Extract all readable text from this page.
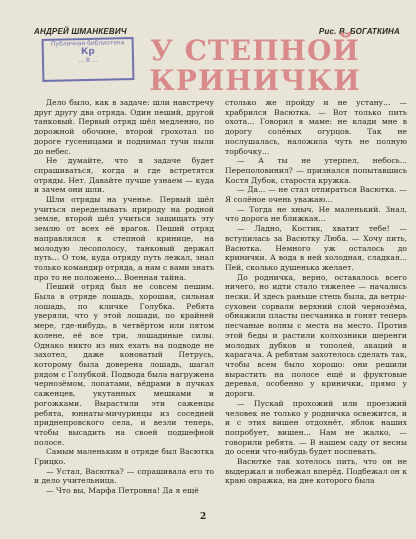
АНДРЕЙ ШМАНКЕВИЧ	Рис. В. БОГАТКИНА
Публичная библиотека
Кр
... В ...	У СТЕПНОЙ
КРИНИЧКИ

Дело было, как в задаче: шли навстречу друг другу два отряда. Один пеший, другой танковый. Первый отряд шёл медленно, по дорожной обочине, второй грохотал по дороге гусеницами и поднимал тучи пыли до небес.

Не думайте, что в задаче будет спрашиваться, когда и где встретятся отряды. Нет. Давайте лучше узнаем — куда и зачем они шли.

Шли отряды на ученье. Первый шёл учиться переделывать природу на родной земле, второй шёл учиться защищать эту землю от всех её врагов. Пеший отряд направлялся к степной кринице, на молодую лесополосу, танковый держал путь... О том, куда отряду путь лежал, знал только командир отряда, а нам с вами знать про то не положено... Военная тайна.

Пеший отряд был не совсем пешим. Была в отряде лошадь, хорошая, сильная лошадь, по кличке Голубка. Ребята уверяли, что у этой лошади, по крайней мере, где-нибудь, в четвёртом или пятом колене, её все три, лошадиные силы. Однако никто из них ехать на подводе не захотел, даже коноватый Петрусь, которому была доверена лошадь, шагал рядом с Голубкой. Подвода была нагружена чернозёмом, лопатами, вёдрами в пучках саженцев, укутанных мешками и рогожками. Вырастили эти саженцы ребята, юннаты-мичуринцы из соседней приднепровского села, и везли теперь, чтобы высадить на своей подшефной полосе.

Самым маленьким в отряде был Васютка Грицко.

— Устал, Васютка? — спрашивала его то и дело учительница.

— Что вы, Марфа Петровна! Да я ещё

столько же пройду и не устану... — храбрился Васютка. — Вот только пить охота... Говорил я маме: не клади мне в дорогу солёных огурцов. Так не послушалась, наложила чуть не полную торбочку...

— А ты не утерпел, небось... Переполовинил? — признался попытавшись Костя Дубок, староста кружка.

— Да... — не стал отпираться Васютка. — Я солёное очень уважаю...

— Тогда не хныч. Не маленький. Знал, что дорога не ближкая...

— Ладно, Костик, хватит тебе! — вступилась за Васютку Люба. — Хочу пить, Васютка. Немного уж осталось до кринички. А вода в ней холодная, сладкая... Пей, сколько душенька желает.

До родничка, верно, оставалось всего ничего, но идти стало тяжелее — начались пески. И здесь раньше степь была, да ветры-суховеи сорвали верхний слой чернозёма, обнажили пласты песчаника и гонят теперь песчаные волны с места на место. Против этой беды и растили колхозники шеренги молодых дубков и тополей, акаций и карагача. А ребятам захотелось сделать так, чтобы всем было хорошо: они решили вырастить на полосе ещё и фруктовые деревья, особенно у кринички, прямо у дороги.

— Пускай прохожий или проезжий человек не только у родничка освежится, и и с этих вишен отдохнёт, яблок наших попробует, вишен... Нам не жалко, — говорили ребята. — В нашем саду от весны до осени что-нибудь будет поспевать.

Васютке так хотелось пить, что он не выдержал и побежал вперёд. Подбежал он к краю овражка, на дне которого была

2
